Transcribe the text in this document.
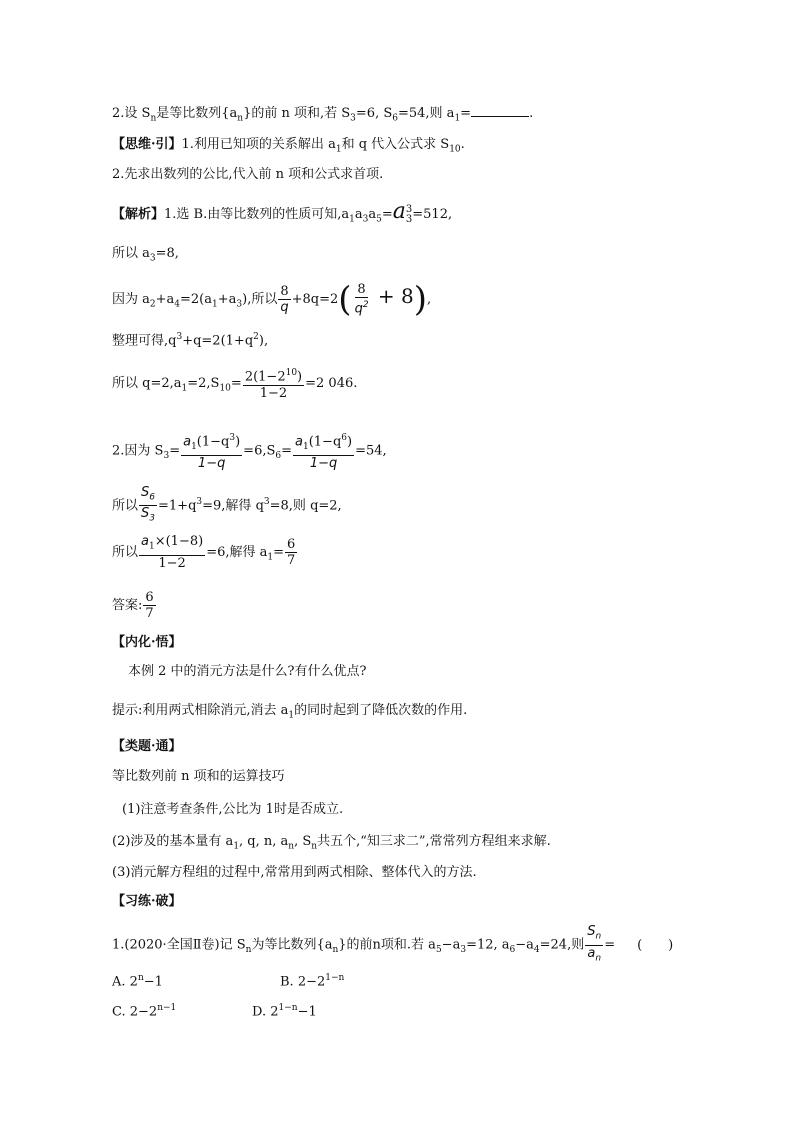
2.设 $S_n$是等比数列$\{a_n\}$的前 n 项和,若 $S_3=6$, $S_6=54$,则 $a_1=$	.
【思维·引】1.利用已知项的关系解出 $a_1$和 q 代入公式求 $S_{10}$.
2.先求出数列的公比,代入前 n 项和公式求首项.
【解析】1.选 B.由等比数列的性质可知$,a_1a_3a_5=a$ 3
3 =512,
所以 $a_3=8$,
因为 $a_2+a_4=2(a_1+a_3)$,所以 $\frac{8}{q} +8q=2( \frac{8}{q^2} + 8)$,
整理可得$,q^3+q=2(1+q^2)$,
所以 $q=2,a_1=2,S_{10}= \frac{2(1-2^{10})}{1-2} =2$ 046.
2.因为 $S_3= \frac{a_1(1-q^3)}{1-q} =6,S_6= \frac{a_1(1-q^6)}{1-q} =54$,
所以 $\frac{S_6}{S_3} =1+q^3=9$,解得 $q^3=8$,则 q=2,
所以 $\frac{a_1\times(1-8)}{1-2} =6$,解得 $a_1= \frac{6}{7}$
答案: $\frac{6}{7}$
【内化·悟】
本例 2 中的消元方法是什么?有什么优点?
提示:利用两式相除消元,消去 $a_1$的同时起到了降低次数的作用.
【类题·通】
等比数列前 n 项和的运算技巧
(1)注意考查条件,公比为 1时是否成立.
(2)涉及的基本量有 $a_1$, q, n, $a_n$, $S_n$共五个,“知三求二”,常常列方程组来求解.
(3)消元解方程组的过程中,常常用到两式相除、整体代入的方法.
【习练·破】
1.(2020·全国Ⅱ卷)记 $S_n$为等比数列$\{a_n\}$的前n项和.若 $a_5-a_3=12$, $a_6-a_4=24$,则 $\frac{S_n}{a_n}$ = (　　)
A. $2^n-1$	B. $2-2^{1-n}$
C. $2-2^{n-1}$	D. $2^{1-n}-1$
